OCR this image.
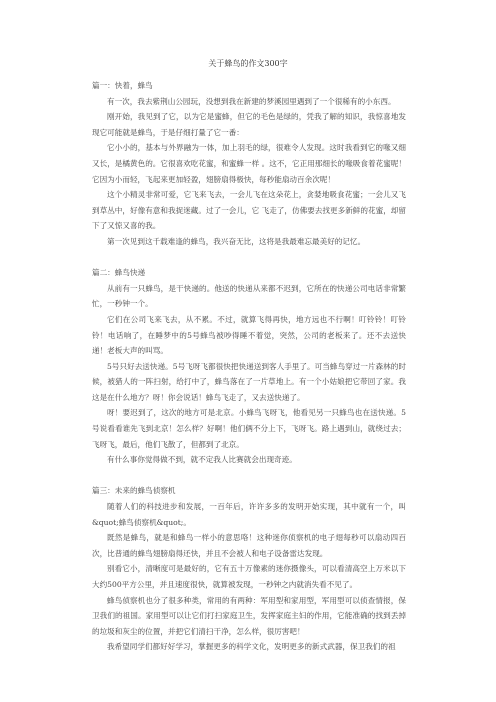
关于蜂鸟的作文300字

篇一：快着，蜂鸟

有一次，我去紫荆山公园玩，没想到我在新建的梦溪园里遇到了一个很稀有的小东西。

刚开始，我见到了它，以为它是蜜蜂，但它的毛色是绿的，凭我了解的知识，我惊喜地发现它可能就是蜂鸟，于是仔细打量了它一番：

它小小的，基本与外界融为一体，加上羽毛的绿，很难令人发现。这时我看到它的喙又细又长，是橘黄色的。它很喜欢吃花蜜，和蜜蜂一样 。这不，它正用那细长的喙吸食着花蜜呢！它因为小而轻，飞起来更加轻盈，翅膀扇得极快，每秒能扇动百余次呢！

这个小精灵非常可爱，它飞来飞去，一会儿飞在这朵花上，贪婪地吸食花蜜；一会儿又飞到草丛中，好像有意和我捉迷藏。过了一会儿，它 飞走了，仿佛要去找更多新鲜的花蜜，却留下了又惊又喜的我。

第一次见到这千载难逢的蜂鸟，我兴奋无比，这将是我最难忘最美好的记忆。

篇二：蜂鸟快递

从前有一只蜂鸟，是干快递的。他送的快递从来都不迟到，它所在的快递公司电话非常繁忙，一秒钟一个。

它们在公司飞来飞去，从不累。不过，就算飞得再快，地方远也不行啊！叮铃铃！叮铃铃！电话响了，在睡梦中的5号蜂鸟被吵得睡不着觉，突然，公司的老板来了。还不去送快递！老板大声的叫骂。

5号只好去送快递。5号飞呀飞都很快把快递送到客人手里了。可当蜂鸟穿过一片森林的时候，被猎人的一阵扫射，给打中了，蜂鸟落在了一片草地上。有一个小姑娘把它带回了家。我这是在什么地方？呀！你会说话！蜂鸟飞走了，又去送快递了。

呀！要迟到了，这次的地方可是北京。小蜂鸟飞呀飞，他看见另一只蜂鸟也在送快递。5号说看看谁先飞到北京！怎么样？好啊！他们俩不分上下，飞呀飞。路上遇到山，就绕过去；飞呀飞，最后，他们飞散了，但都到了北京。

有什么事你觉得做不到，就不定我人比赛就会出现奇迹。

篇三：未来的蜂鸟侦察机

随着人们的科技进步和发展，一百年后，许许多多的发明开始实现，其中就有一个，叫&quot;蜂鸟侦察机&quot;。

既然是蜂鸟，就是和蜂鸟一样小的意思咯！这种迷你侦察机的电子翅每秒可以扇动四百次，比普通的蜂鸟翅膀扇得还快，并且不会被人和电子设备雷达发现。

别看它小，清晰度可是最好的，它有五十万像素的迷你摄像头，可以看清高空上万米以下大约500平方公里，并且速度很快，就算被发现，一秒钟之内就消失看不见了。

蜂鸟侦察机也分了很多种类，常用的有两种：军用型和家用型，军用型可以侦查情报，保卫我们的祖国。家用型可以让它们打扫家庭卫生，发挥家庭主妇的作用，它能准确的找到丢掉的垃圾和灰尘的位置，并把它们清扫干净，怎么样，很厉害吧！

我希望同学们都好好学习，掌握更多的科学文化，发明更多的新式武器，保卫我们的祖
